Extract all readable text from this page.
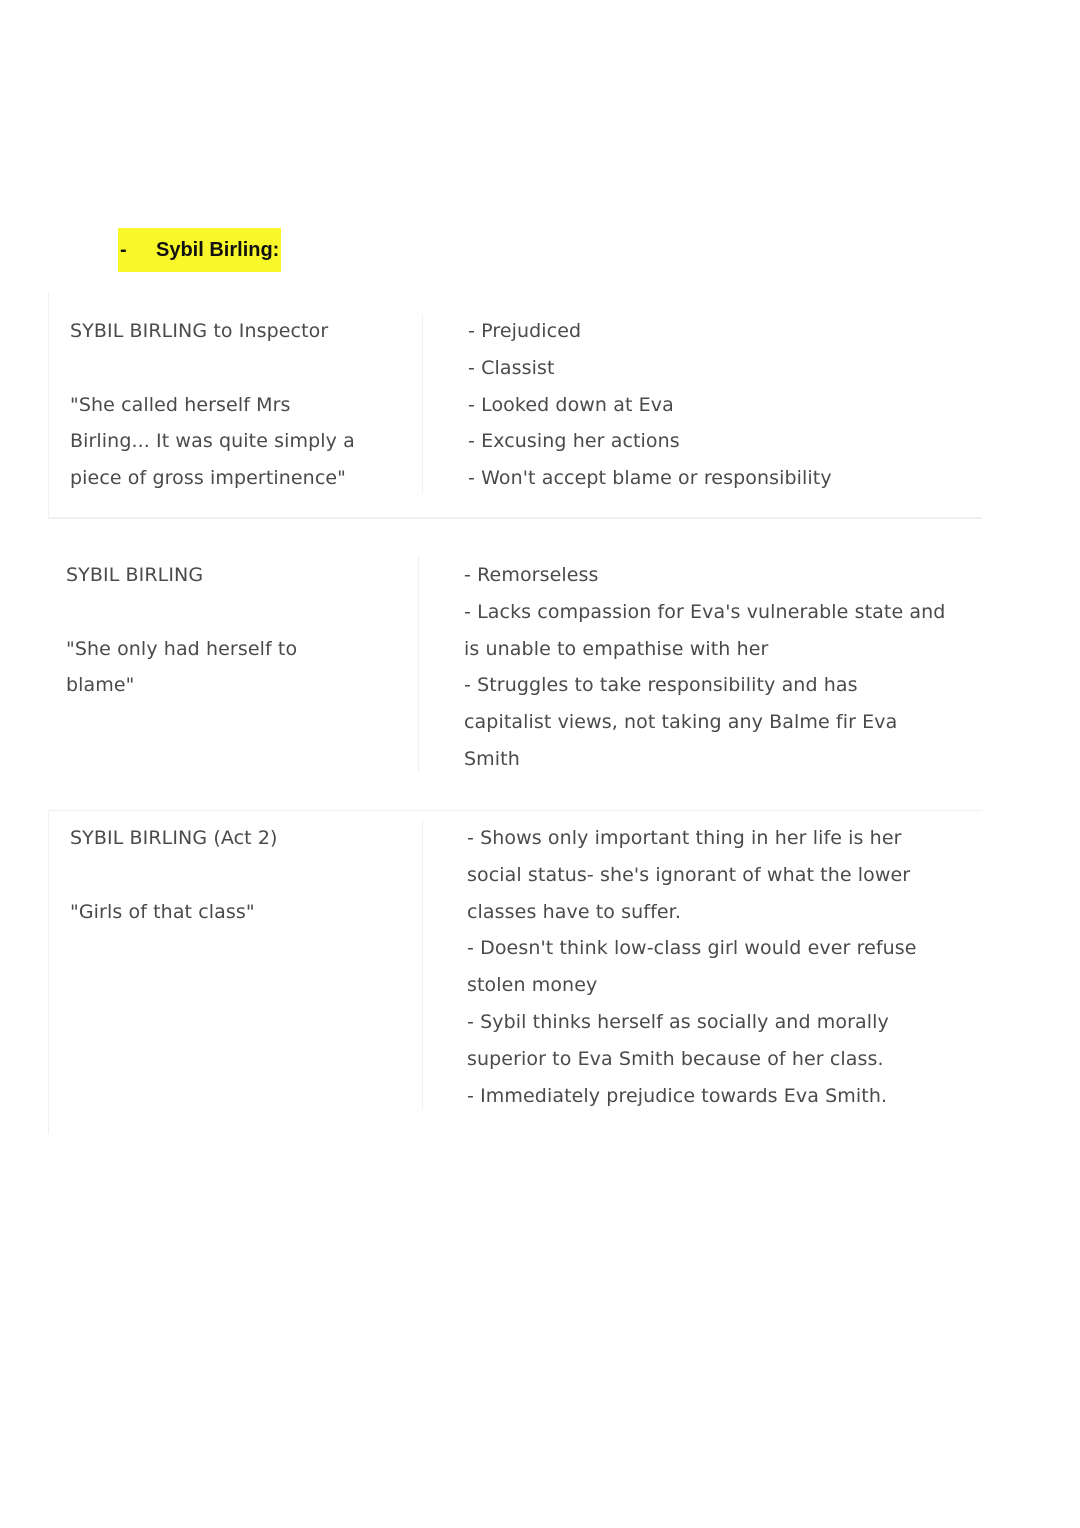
- Sybil Birling:
SYBIL BIRLING to Inspector
"She called herself Mrs
Birling... It was quite simply a
piece of gross impertinence"
- Prejudiced
- Classist
- Looked down at Eva
- Excusing her actions
- Won't accept blame or responsibility
SYBIL BIRLING
"She only had herself to
blame"
- Remorseless
- Lacks compassion for Eva's vulnerable state and
is unable to empathise with her
- Struggles to take responsibility and has
capitalist views, not taking any Balme fir Eva
Smith
SYBIL BIRLING (Act 2)
"Girls of that class"
- Shows only important thing in her life is her
social status- she's ignorant of what the lower
classes have to suffer.
- Doesn't think low-class girl would ever refuse
stolen money
- Sybil thinks herself as socially and morally
superior to Eva Smith because of her class.
- Immediately prejudice towards Eva Smith.
